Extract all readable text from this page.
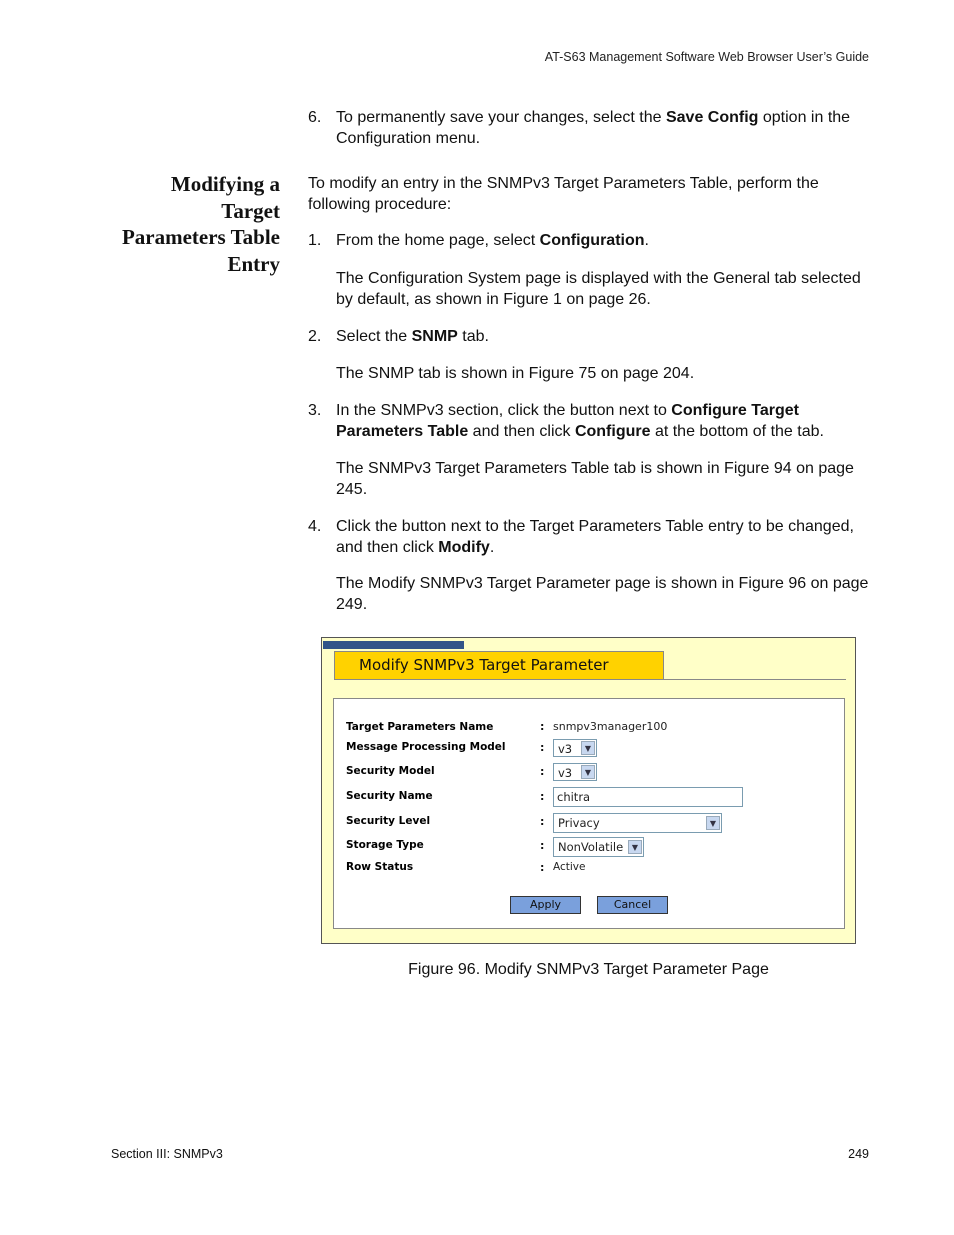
AT-S63 Management Software Web Browser User’s Guide
6. To permanently save your changes, select the Save Config option in the Configuration menu.
Modifying a
Target
Parameters Table
Entry
To modify an entry in the SNMPv3 Target Parameters Table, perform the following procedure:
1. From the home page, select Configuration.
The Configuration System page is displayed with the General tab selected by default, as shown in Figure 1 on page 26.
2. Select the SNMP tab.
The SNMP tab is shown in Figure 75 on page 204.
3. In the SNMPv3 section, click the button next to Configure Target Parameters Table and then click Configure at the bottom of the tab.
The SNMPv3 Target Parameters Table tab is shown in Figure 94 on page 245.
4. Click the button next to the Target Parameters Table entry to be changed, and then click Modify.
The Modify SNMPv3 Target Parameter page is shown in Figure 96 on page 249.
Modify SNMPv3 Target Parameter
Target Parameters Name	: snmpv3manager100
Message Processing Model	:	v3	▼
Security Model	:	v3	▼
Security Name	:	chitra
Security Level	:	Privacy	▼
Storage Type	:	NonVolatile	▼
Row Status	: Active
Apply	Cancel
Figure 96. Modify SNMPv3 Target Parameter Page
Section III: SNMPv3	249
